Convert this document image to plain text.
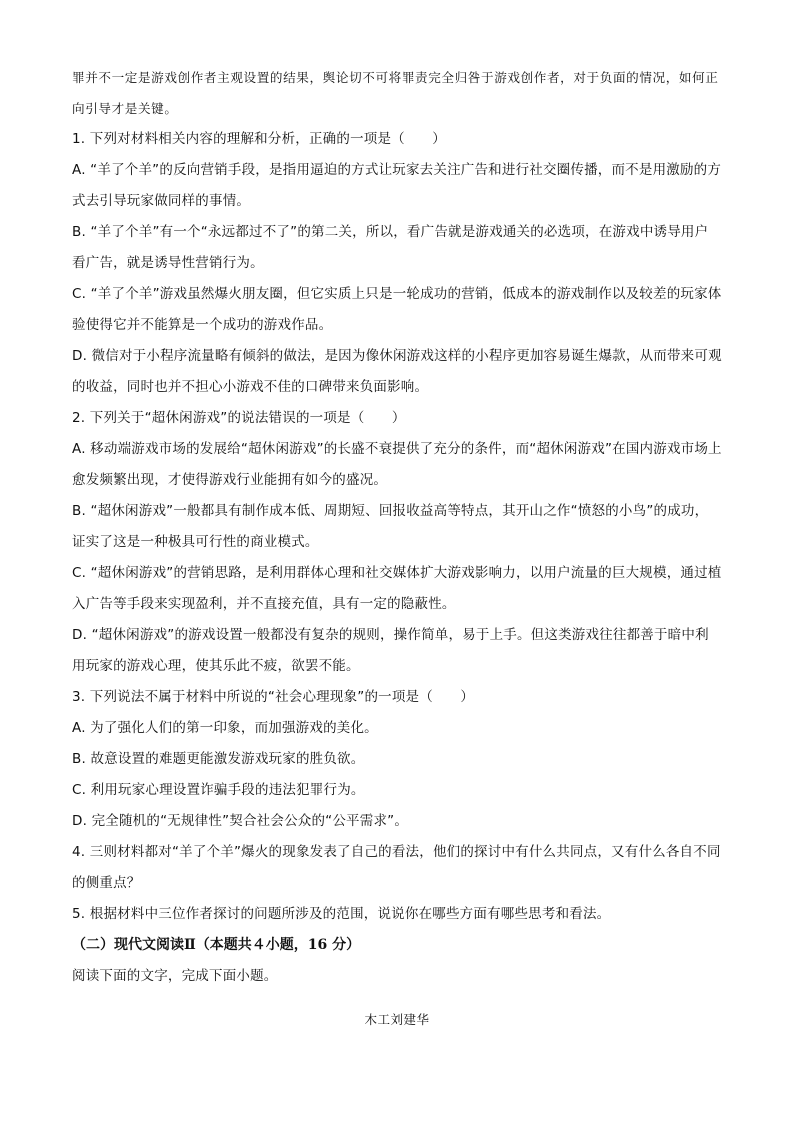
罪并不一定是游戏创作者主观设置的结果，舆论切不可将罪责完全归咎于游戏创作者，对于负面的情况，如何正向引导才是关键。

1. 下列对材料相关内容的理解和分析，正确的一项是（　　）

A. “羊了个羊”的反向营销手段，是指用逼迫的方式让玩家去关注广告和进行社交圈传播，而不是用激励的方式去引导玩家做同样的事情。

B. “羊了个羊”有一个“永远都过不了”的第二关，所以，看广告就是游戏通关的必选项，在游戏中诱导用户看广告，就是诱导性营销行为。

C. “羊了个羊”游戏虽然爆火朋友圈，但它实质上只是一轮成功的营销，低成本的游戏制作以及较差的玩家体验使得它并不能算是一个成功的游戏作品。

D. 微信对于小程序流量略有倾斜的做法，是因为像休闲游戏这样的小程序更加容易诞生爆款，从而带来可观的收益，同时也并不担心小游戏不佳的口碑带来负面影响。

2. 下列关于“超休闲游戏”的说法错误的一项是（　　）

A. 移动端游戏市场的发展给“超休闲游戏”的长盛不衰提供了充分的条件，而“超休闲游戏”在国内游戏市场上愈发频繁出现，才使得游戏行业能拥有如今的盛况。

B. “超休闲游戏”一般都具有制作成本低、周期短、回报收益高等特点，其开山之作“愤怒的小鸟”的成功，证实了这是一种极具可行性的商业模式。

C. “超休闲游戏”的营销思路，是利用群体心理和社交媒体扩大游戏影响力，以用户流量的巨大规模，通过植入广告等手段来实现盈利，并不直接充值，具有一定的隐蔽性。

D. “超休闲游戏”的游戏设置一般都没有复杂的规则，操作简单，易于上手。但这类游戏往往都善于暗中利用玩家的游戏心理，使其乐此不疲，欲罢不能。

3. 下列说法不属于材料中所说的“社会心理现象”的一项是（　　）

A. 为了强化人们的第一印象，而加强游戏的美化。

B. 故意设置的难题更能激发游戏玩家的胜负欲。

C. 利用玩家心理设置诈骗手段的违法犯罪行为。

D. 完全随机的“无规律性”契合社会公众的“公平需求”。

4. 三则材料都对“羊了个羊”爆火的现象发表了自己的看法，他们的探讨中有什么共同点，又有什么各自不同的侧重点？

5. 根据材料中三位作者探讨的问题所涉及的范围，说说你在哪些方面有哪些思考和看法。

（二）现代文阅读Ⅱ（本题共４小题，16 分）

阅读下面的文字，完成下面小题。

木工刘建华
